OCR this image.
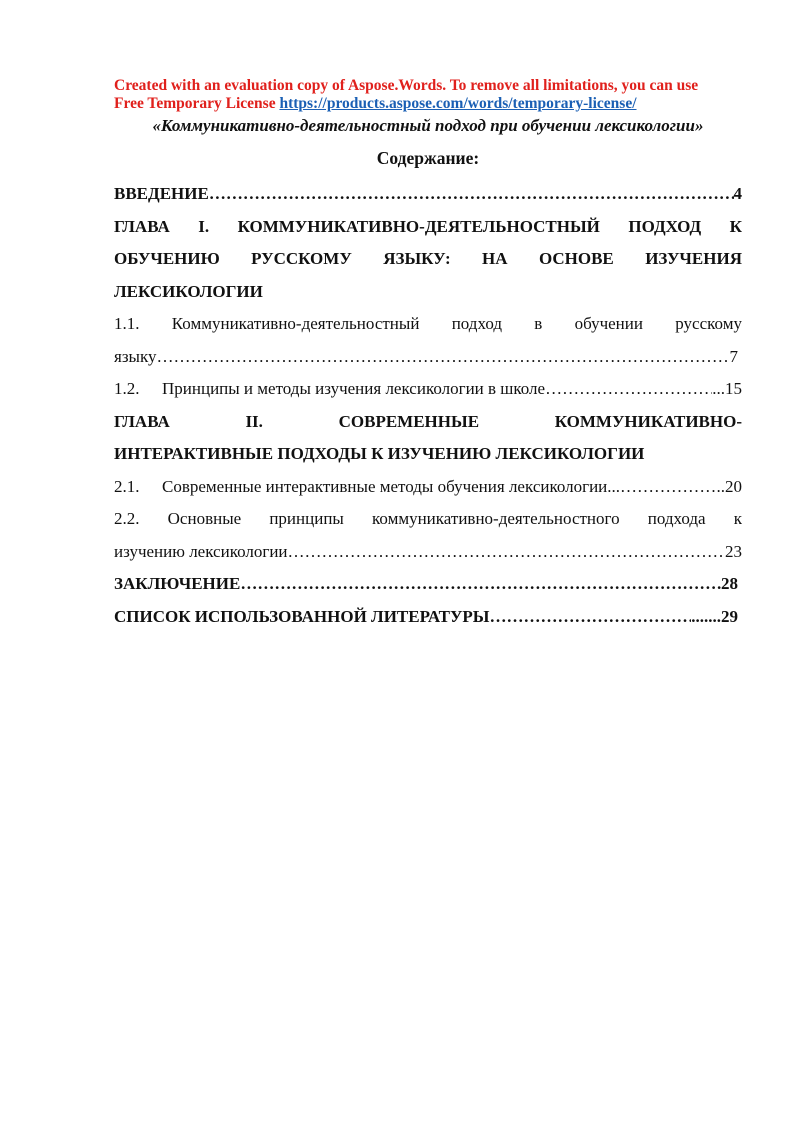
Created with an evaluation copy of Aspose.Words. To remove all limitations, you can use
Free Temporary License https://products.aspose.com/words/temporary-license/
«Коммуникативно-деятельностный подход при обучении лексикологии»
Содержание:
ВВЕДЕНИЕ ……………………………………………………………………………………………………………………………………………………………………………………………………	4
ГЛАВА I. КОММУНИКАТИВНО-ДЕЯТЕЛЬНОСТНЫЙ ПОДХОД К
ОБУЧЕНИЮ РУССКОМУ ЯЗЫКУ: НА ОСНОВЕ ИЗУЧЕНИЯ
ЛЕКСИКОЛОГИИ
1.1. Коммуникативно-деятельностный подход в обучении русскому
языку ……………………………………………………………………………………………………………………………………………………………………………………………………	7
1.2.	Принципы и методы изучения лексикологии в школе ……………………………………………………………………………………………………………………………………………………………………………………………………	...15
ГЛАВА	II.	СОВРЕМЕННЫЕ	КОММУНИКАТИВНО-
ИНТЕРАКТИВНЫЕ ПОДХОДЫ К ИЗУЧЕНИЮ ЛЕКСИКОЛОГИИ
2.1.	Современные интерактивные методы обучения лексикологии... ……………………………………………………………………………………………………………………………………………………………………………………………………	..20
2.2. Основные принципы коммуникативно-деятельностного подхода к
изучению лексикологии ……………………………………………………………………………………………………………………………………………………………………………………………………	23
ЗАКЛЮЧЕНИЕ ……………………………………………………………………………………………………………………………………………………………………………………………………	28
СПИСОК ИСПОЛЬЗОВАННОЙ ЛИТЕРАТУРЫ ……………………………………………………………………………………………………………………………………………………………………………………………………	.......29
